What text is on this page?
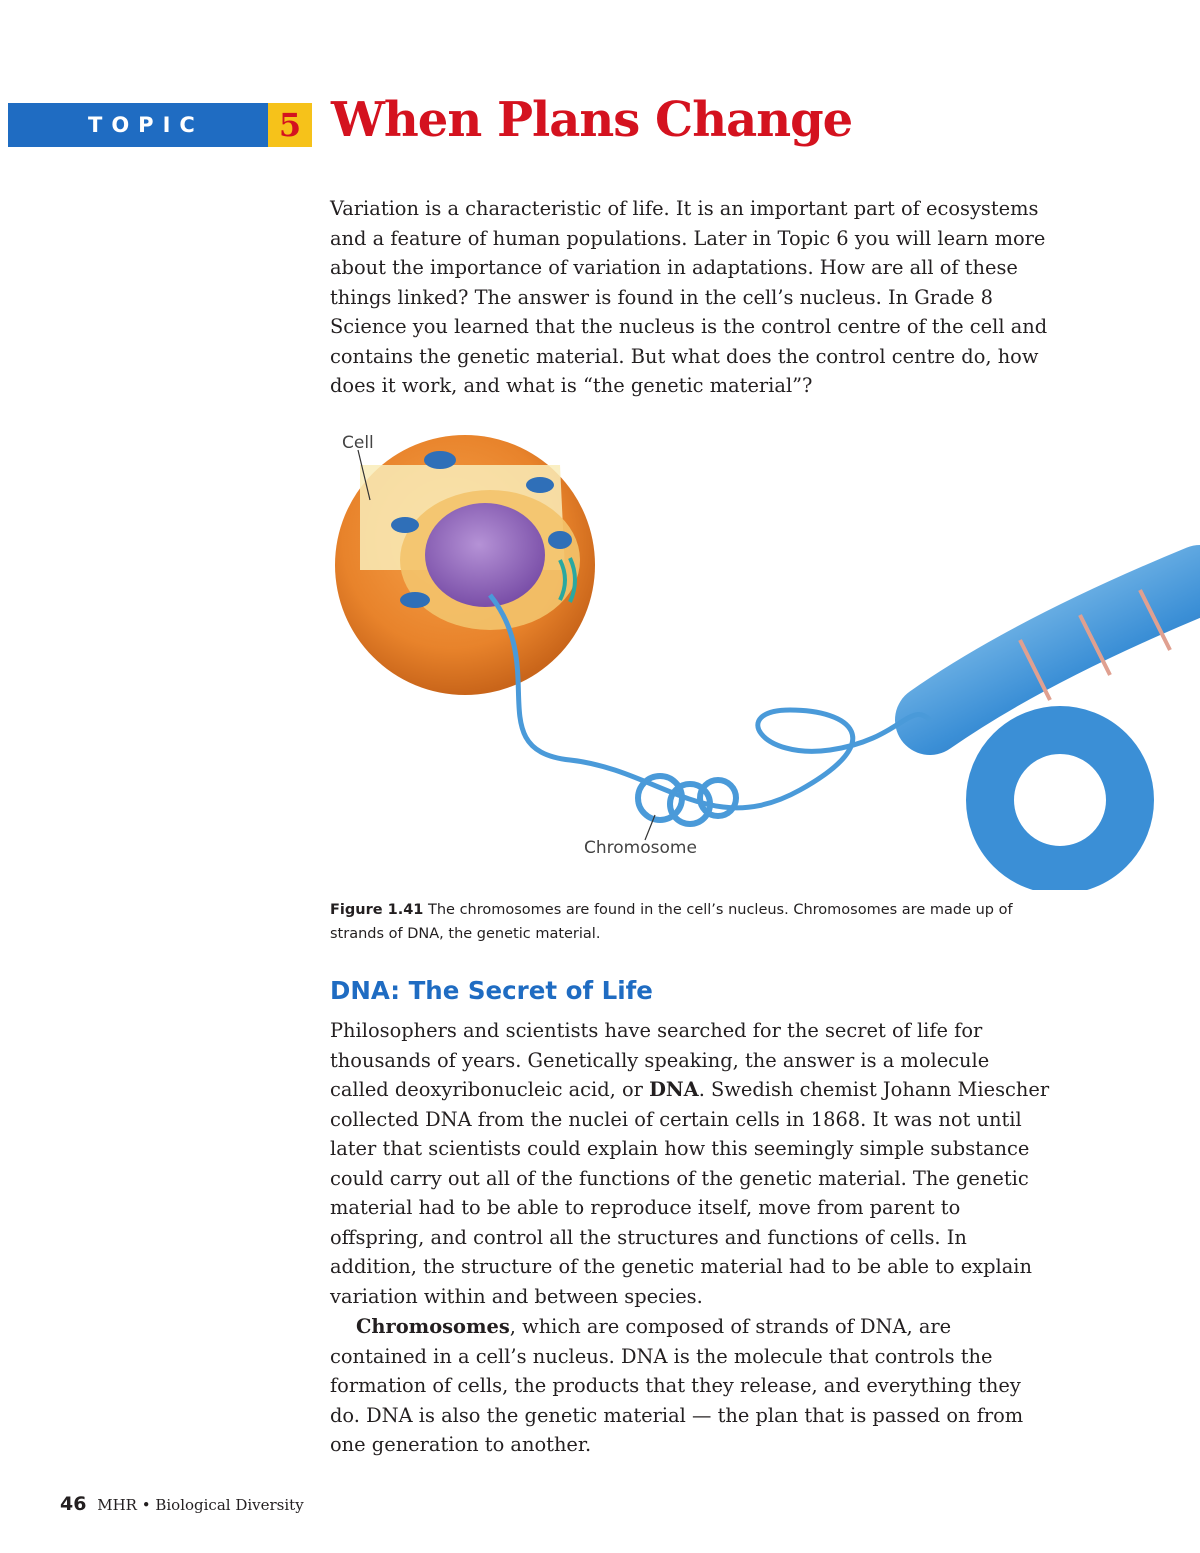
TOPIC	5 When Plans Change

Variation is a characteristic of life. It is an important part of ecosystems and a feature of human populations. Later in Topic 6 you will learn more about the importance of variation in adaptations. How are all of these things linked? The answer is found in the cell’s nucleus. In Grade 8 Science you learned that the nucleus is the control centre of the cell and contains the genetic material. But what does the control centre do, how does it work, and what is “the genetic material”?

Cell
Chromosome

Figure 1.41 The chromosomes are found in the cell’s nucleus. Chromosomes are made up of strands of DNA, the genetic material.

DNA: The Secret of Life

Philosophers and scientists have searched for the secret of life for thousands of years. Genetically speaking, the answer is a molecule called deoxyribonucleic acid, or DNA. Swedish chemist Johann Miescher collected DNA from the nuclei of certain cells in 1868. It was not until later that scientists could explain how this seemingly simple substance could carry out all of the functions of the genetic material. The genetic material had to be able to reproduce itself, move from parent to offspring, and control all the structures and functions of cells. In addition, the structure of the genetic material had to be able to explain variation within and between species.

Chromosomes, which are composed of strands of DNA, are contained in a cell’s nucleus. DNA is the molecule that controls the formation of cells, the products that they release, and everything they do. DNA is also the genetic material — the plan that is passed on from one generation to another.

46 MHR • Biological Diversity
